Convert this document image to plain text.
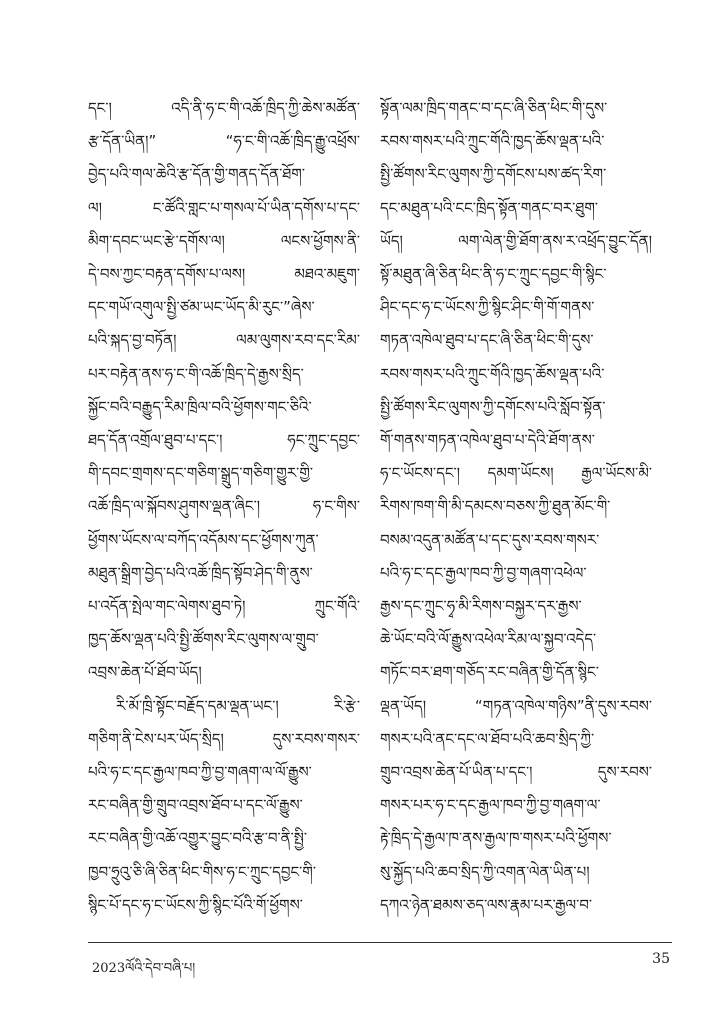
དང་། འདི་ནི་ཧ་ང་གི་འཆོ་ཁྲིད་ཀྱི་ཆེས་མཚོན་
རྩ་དོན་ཡིན།” “ཧ་ང་གི་འཆོ་ཁྲིད་རྒྱུ་འཕྲོས་
བྱེད་པའི་གལ་ཆེའི་རྩ་དོན་གྱི་གནད་དོན་ཐོག་
ལ། ང་ཚོའི་གླང་པ་གསལ་པོ་ཡིན་དགོས་པ་དང་
མིག་དབང་ཡང་རྩེ་དགོས་ལ། ལངས་ཕྱོགས་ནི་
དེ་བས་ཀྱང་བརྟན་དགོས་པ་ལས། མཐའ་མཇུག་
དང་གཡོ་འགུལ་སྤྱི་ཙམ་ཡང་ཡོད་མི་རུང་”ཞེས་
པའི་སྐད་བྱ་བཏོན། ལམ་ལུགས་རབ་དང་རིམ་
པར་བརྟེན་ནས་ཧ་ང་གི་འཆོ་ཁྲིད་དེ་རྒྱས་སྲིད་
སྐྱོང་བའི་བརྒྱུད་རིམ་ཁྲིལ་བའི་ཕྱོགས་གང་ཅིའི་
ཐད་དོན་འགྲོལ་ཐུབ་པ་དང་། ཧང་ཀྲུང་དབྱང་
གི་དབང་གྲགས་དང་གཅིག་སྒྲུད་གཅིག་གྱུར་གྱི་
འཆོ་ཁྲིད་ལ་སྐོབས་ཤུགས་ལྡན་ཞིང་། ཧ་ང་གིས་
ཕྱོགས་ཡོངས་ལ་བཀོད་འདོམས་དང་ཕྱོགས་ཀུན་
མཐུན་སྒྲིག་བྱེད་པའི་འཆོ་ཁྲིད་སྟོབ་ཤེད་གི་ནུས་
པ་འདོན་སྤེལ་གང་ལེགས་ཐུབ་ཏེ། ཀྲུང་གོའི་
ཁྱད་ཆོས་ལྡན་པའི་སྤྱི་ཚོགས་རིང་ལུགས་ལ་གྲུབ་
འབྲས་ཆེན་པོ་ཐོབ་ཡོད།
རི་མོ་ཁྲི་སྟོང་བརྗོད་དམ་ལྡན་ཡང་། རི་རྩེ་
གཅིག་ནི་ངེས་པར་ཡོད་སྲིད། དུས་རབས་གསར་
པའི་ཧ་ང་དང་རྒྱལ་ཁབ་ཀྱི་བྱ་གཞག་ལ་ལོ་རྒྱུས་
རང་བཞིན་གྱི་གྲུབ་འབྲས་ཐོབ་པ་དང་ལོ་རྒྱུས་
རང་བཞིན་གྱི་འཆོ་འགྱུར་བྱུང་བའི་རྩ་བ་ནི་སྤྱི་
ཁྱབ་ཧྲུའུ་ཅི་ཞི་ཅིན་ཕིང་གིས་ཧ་ང་ཀྲུང་དབྱང་གི་
སྙིང་པོ་དང་ཧ་ང་ཡོངས་ཀྱི་སྙིང་པོའི་གོ་ཕྱོགས་
སྟོན་ལམ་ཁྲིད་གནང་བ་དང་ཞི་ཅིན་ཕིང་གི་དུས་
རབས་གསར་པའི་ཀྲུང་གོའི་ཁྱད་ཆོས་ལྡན་པའི་
སྤྱི་ཚོགས་རིང་ལུགས་ཀྱི་དགོངས་པས་ཚད་རིག་
དང་མཐུན་པའི་ངང་ཁྲིད་སྟོན་གནང་བར་ཐུག་
ཡོད། ལག་ལེན་གྱི་ཐོག་ནས་ར་འཕྲོད་བྱུང་དོན།
སྟོ་མཐུན་ཞི་ཅིན་ཕིང་ནི་ཧ་ང་ཀྲུང་དབྱང་གི་སྙིང་
ཤིང་དང་ཧ་ང་ཡོངས་ཀྱི་སྙིང་ཤིང་གི་གོ་གནས་
གཏན་འཁེལ་ཐུབ་པ་དང་ཞི་ཅིན་ཕིང་གི་དུས་
རབས་གསར་པའི་ཀྲུང་གོའི་ཁྱད་ཆོས་ལྡན་པའི་
སྤྱི་ཚོགས་རིང་ལུགས་ཀྱི་དགོངས་པའི་སློབ་སྟོན་
གོ་གནས་གཏན་འཁེལ་ཐུབ་པ་དེའི་ཐོག་ནས་
ཧ་ང་ཡོངས་དང་། དམག་ཡོངས། རྒྱལ་ཡོངས་མི་
རིགས་ཁག་གི་མི་དམངས་བཅས་ཀྱི་ཐུན་མོང་གི་
བསམ་འདུན་མཚོན་པ་དང་དུས་རབས་གསར་
པའི་ཧ་ང་དང་རྒྱལ་ཁབ་ཀྱི་བྱ་གཞག་འཕེལ་
རྒྱས་དང་ཀྲུང་ཧྭ་མི་རིགས་བསྐྱར་དར་རྒྱས་
ཆེ་ཡོང་བའི་ལོ་རྒྱུས་འཕེལ་རིམ་ལ་སྐྱབ་འདེད་
གཏོང་བར་ཐག་གཅོད་རང་བཞིན་གྱི་དོན་སྙིང་
ལྡན་ཡོད། “གཏན་འཁེལ་གཉིས”ནི་དུས་རབས་
གསར་པའི་ནང་དང་ལ་ཐོབ་པའི་ཆབ་སྲིད་ཀྱི་
གྲུབ་འབྲས་ཆེན་པོ་ཡིན་པ་དང་། དུས་རབས་
གསར་པར་ཧ་ང་དང་རྒྱལ་ཁབ་ཀྱི་བྱ་གཞག་ལ་
རྟེ་ཁྲིད་དེ་རྒྱལ་ཁ་ནས་རྒྱལ་ཁ་གསར་པའི་ཕྱོགས་
སུ་སྐྱོད་པའི་ཆབ་སྲིད་ཀྱི་འགན་ལེན་ཡིན་པ།
དཀའ་ཉེན་ཐམས་ཅད་ལས་རྣམ་པར་རྒྱལ་བ་
2023ལོའི་དེབ་བཞི་པ།
35
